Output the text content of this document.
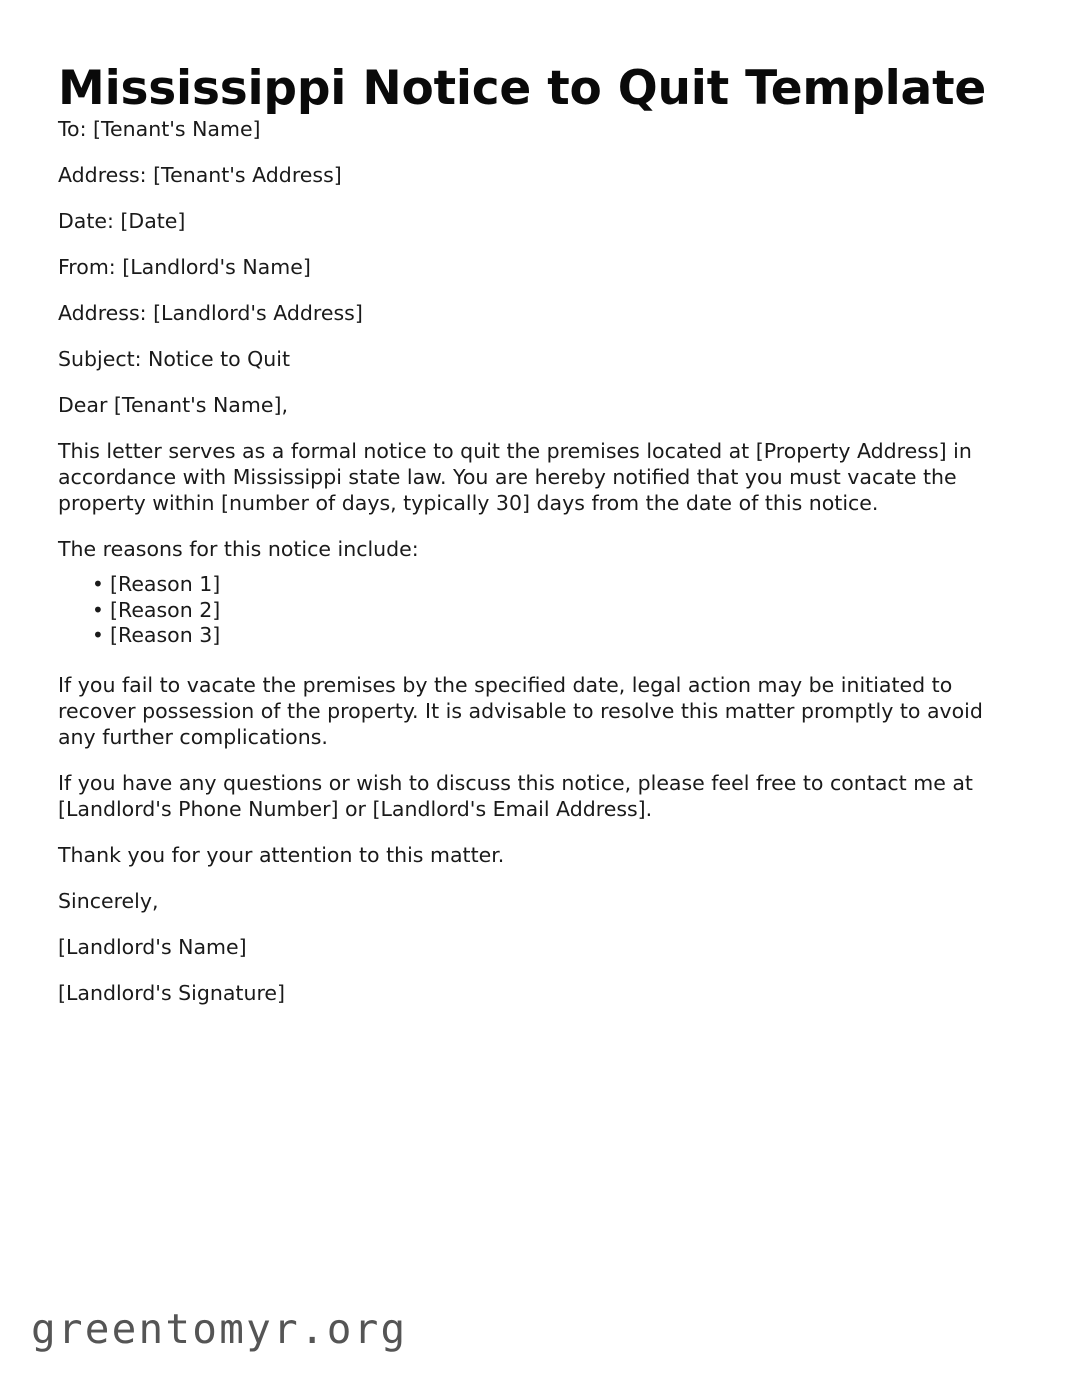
Mississippi Notice to Quit Template

To: [Tenant's Name]

Address: [Tenant's Address]

Date: [Date]

From: [Landlord's Name]

Address: [Landlord's Address]

Subject: Notice to Quit

Dear [Tenant's Name],

This letter serves as a formal notice to quit the premises located at [Property Address] in accordance with Mississippi state law. You are hereby notified that you must vacate the property within [number of days, typically 30] days from the date of this notice.

The reasons for this notice include:

• [Reason 1]
• [Reason 2]
• [Reason 3]

If you fail to vacate the premises by the specified date, legal action may be initiated to recover possession of the property. It is advisable to resolve this matter promptly to avoid any further complications.

If you have any questions or wish to discuss this notice, please feel free to contact me at [Landlord's Phone Number] or [Landlord's Email Address].

Thank you for your attention to this matter.

Sincerely,

[Landlord's Name]

[Landlord's Signature]

greentomyr.org
